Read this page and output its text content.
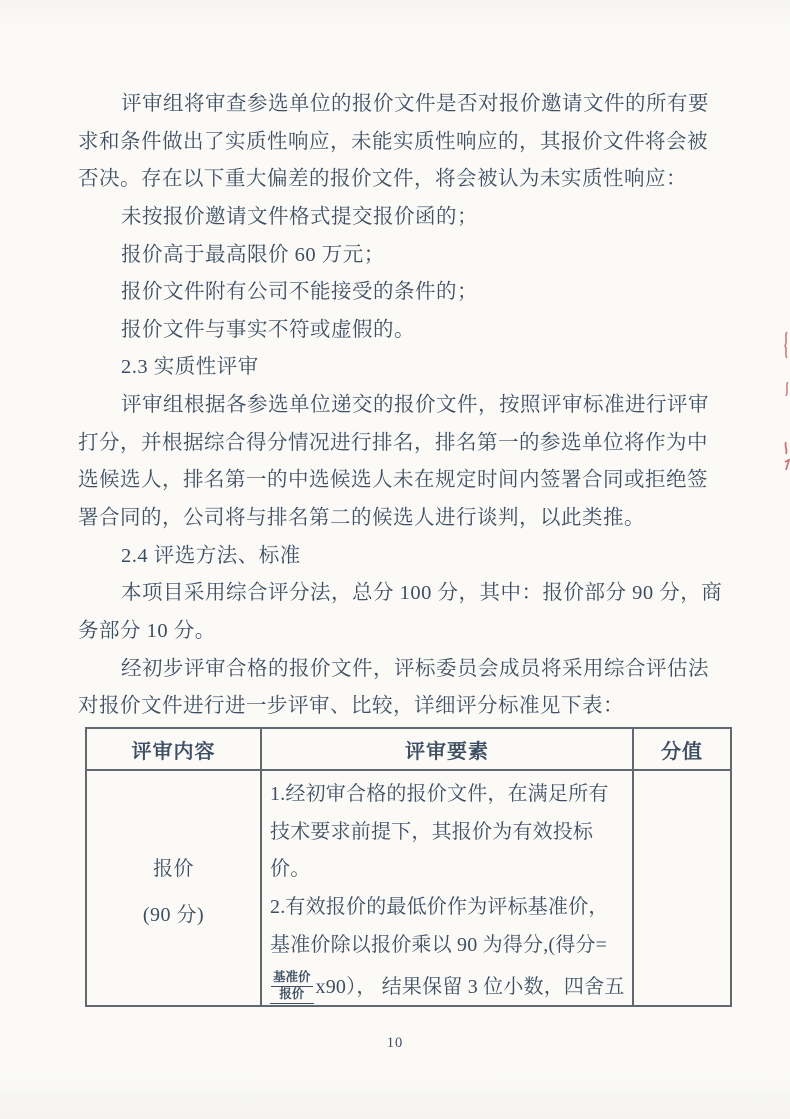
评审组将审查参选单位的报价文件是否对报价邀请文件的所有要
求和条件做出了实质性响应，未能实质性响应的，其报价文件将会被
否决。存在以下重大偏差的报价文件，将会被认为未实质性响应：
未按报价邀请文件格式提交报价函的；
报价高于最高限价 60 万元；
报价文件附有公司不能接受的条件的；
报价文件与事实不符或虚假的。
2.3 实质性评审
评审组根据各参选单位递交的报价文件，按照评审标准进行评审
打分，并根据综合得分情况进行排名，排名第一的参选单位将作为中
选候选人，排名第一的中选候选人未在规定时间内签署合同或拒绝签
署合同的，公司将与排名第二的候选人进行谈判，以此类推。
2.4 评选方法、标准
本项目采用综合评分法，总分 100 分，其中：报价部分 90 分，商
务部分 10 分。
经初步评审合格的报价文件，评标委员会成员将采用综合评估法
对报价文件进行进一步评审、比较，详细评分标准见下表：
评审内容	评审要素	分值
报价
(90 分)
1.经初审合格的报价文件，在满足所有
技术要求前提下，其报价为有效投标
价。
2.有效报价的最低价作为评标基准价，
基准价除以报价乘以 90 为得分,(得分=
$\frac{\text{基准价}}{\text{报价}} x90$）， 结果保留 3 位小数，四舍五
10
